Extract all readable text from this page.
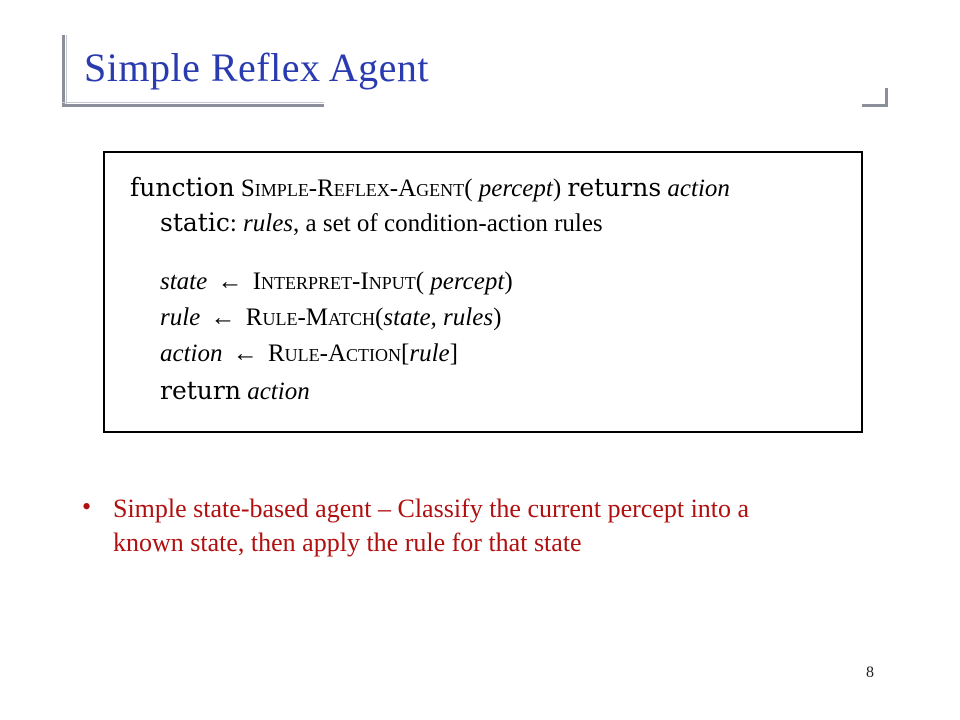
Simple Reflex Agent
function Simple-Reflex-Agent( percept) returns action
static: rules, a set of condition-action rules
state ← Interpret-Input( percept)
rule ← Rule-Match(state, rules)
action ← Rule-Action[rule]
return action
• Simple state-based agent – Classify the current percept into a known state, then apply the rule for that state

8
